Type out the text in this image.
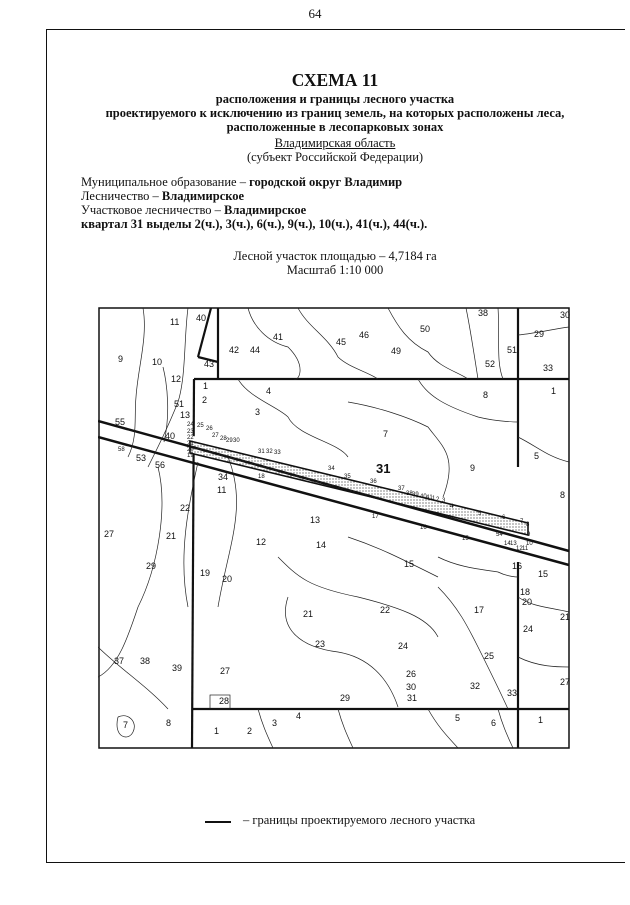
64
СХЕМА 11
расположения и границы лесного участка
проектируемого к исключению из границ земель, на которых расположены леса,
расположенные в лесопарковых зонах
Владимирская область
(субъект Российской Федерации)
Муниципальное образование – городской округ Владимир
Лесничество – Владимирское
Участковое лесничество – Владимирское
квартал 31 выделы 2(ч.), 3(ч.), 6(ч.), 9(ч.), 10(ч.), 41(ч.), 44(ч.).
Лесной участок площадью – 4,7184 га
Масштаб 1:10 000
11 40
9	10
12
43
42 44
41	45
46
49
50
38	30
51
29
52	33
1
2
4
3
8	1
7
51
13
55
40
9
5
8
53
56
34
11
22
13
27	21
12	14
29
19
20
15	16
15
18
20
17
21
21	22
24
23	24
25
37 38
39	27	26
27
30	32
33
28	29	31
7	8
1	2
3
4	5	6	1
24 25 26
23
22
21
20
19
27 28 29 30
31 32 33
34
35
36
37
38 39 40 41 1 2 3
4
5
6
7 8
9
10
11
12
13
14
15
16
17
18
54
58
31
– границы проектируемого лесного участка
